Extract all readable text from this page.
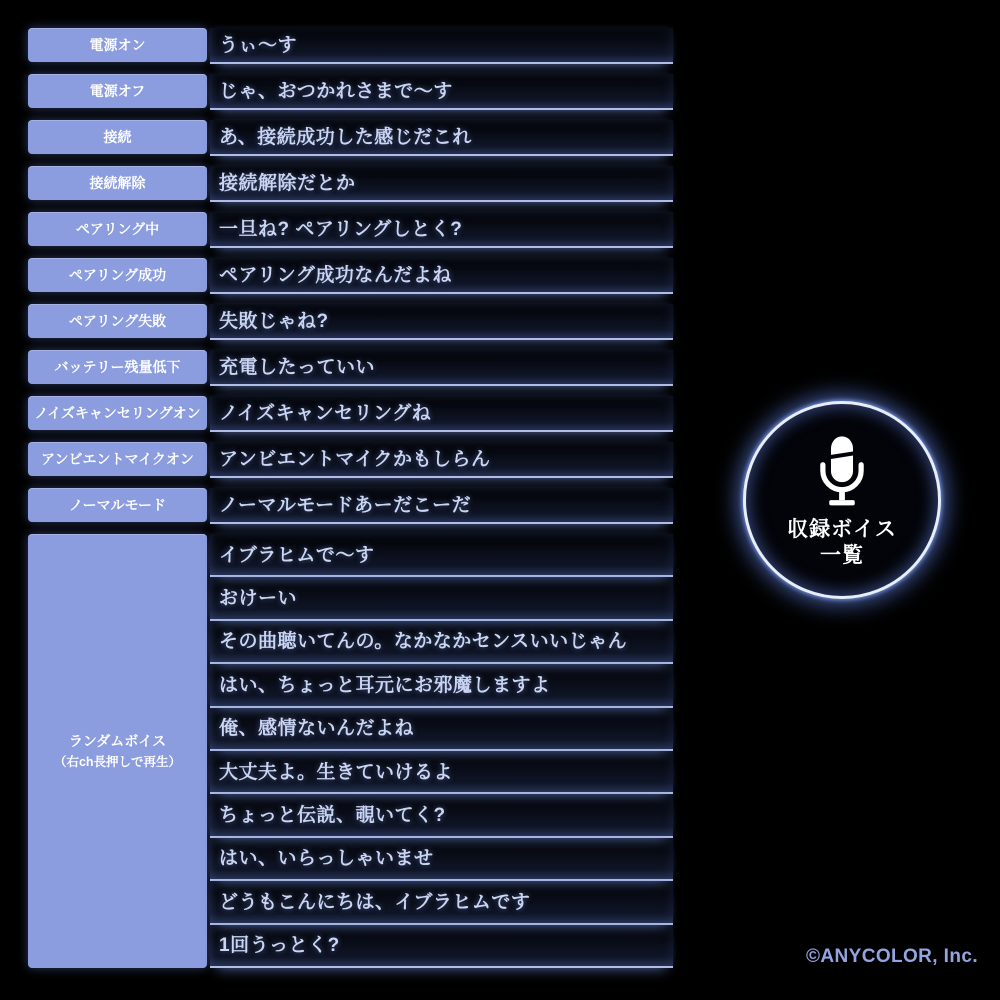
電源オン	うぃ〜す
電源オフ	じゃ、おつかれさまで〜す
接続	あ、接続成功した感じだこれ
接続解除	接続解除だとか
ペアリング中	一旦ね? ペアリングしとく?
ペアリング成功	ペアリング成功なんだよね
ペアリング失敗	失敗じゃね?
バッテリー残量低下	充電したっていい
ノイズキャンセリングオン ノイズキャンセリングね
アンビエントマイクオン	アンビエントマイクかもしらん
ノーマルモード	ノーマルモードあーだこーだ
ランダムボイス
（右ch長押しで再生）
イブラヒムで〜す
おけーい
その曲聴いてんの。なかなかセンスいいじゃん
はい、ちょっと耳元にお邪魔しますよ
俺、感情ないんだよね
大丈夫よ。生きていけるよ
ちょっと伝説、覗いてく?
はい、いらっしゃいませ
どうもこんにちは、イブラヒムです
1回うっとく?
収録ボイス
一覧
©ANYCOLOR, Inc.
